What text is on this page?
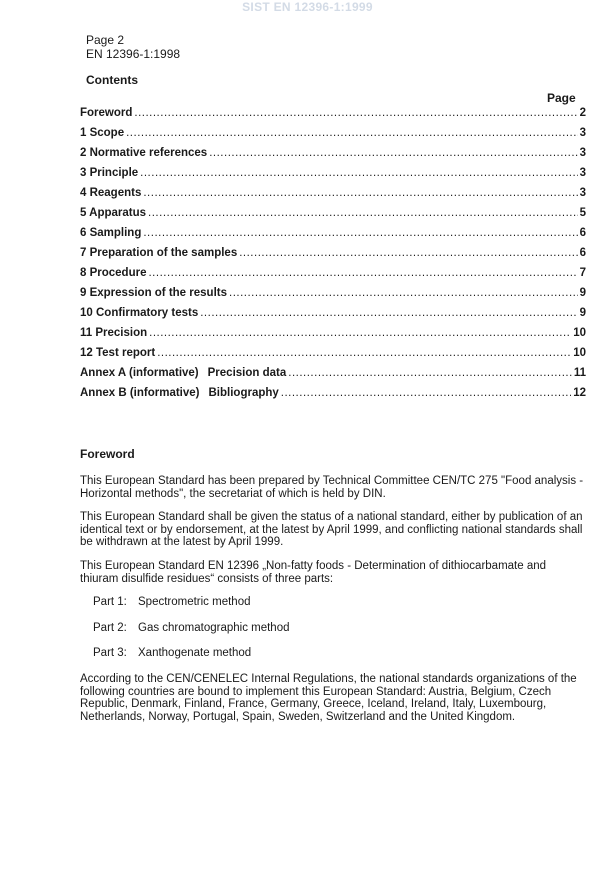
SIST EN 12396-1:1999
Page 2
EN 12396-1:1998
Contents
Page
Foreword .....	2
1 Scope .....	3
2 Normative references .....	3
3 Principle .....	3
4 Reagents .....	3
5 Apparatus .....	5
6 Sampling .....	6
7 Preparation of the samples .....	6
8 Procedure .....	7
9 Expression of the results .....	9
10 Confirmatory tests .....	9
11 Precision .....	10
12 Test report .....	10
Annex A (informative) Precision data .....	11
Annex B (informative) Bibliography .....	12
Foreword

This European Standard has been prepared by Technical Committee CEN/TC 275 "Food analysis - Horizontal methods", the secretariat of which is held by DIN.

This European Standard shall be given the status of a national standard, either by publication of an identical text or by endorsement, at the latest by April 1999, and conflicting national standards shall be withdrawn at the latest by April 1999.

This European Standard EN 12396 „Non-fatty foods - Determination of dithiocarbamate and thiuram disulfide residues“ consists of three parts:

Part 1: Spectrometric method
Part 2: Gas chromatographic method
Part 3: Xanthogenate method

According to the CEN/CENELEC Internal Regulations, the national standards organizations of the following countries are bound to implement this European Standard: Austria, Belgium, Czech Republic, Denmark, Finland, France, Germany, Greece, Iceland, Ireland, Italy, Luxembourg, Netherlands, Norway, Portugal, Spain, Sweden, Switzerland and the United Kingdom.
